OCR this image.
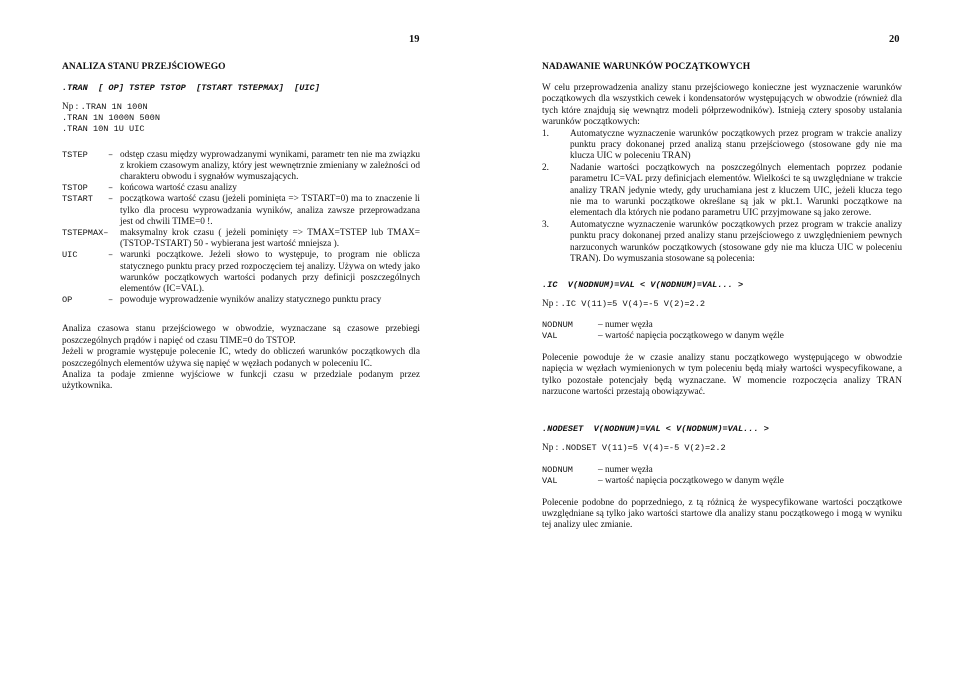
19
ANALIZA STANU PRZEJŚCIOWEGO
.TRAN  [ OP] TSTEP TSTOP  [TSTART TSTEPMAX]  [UIC]
Np : .TRAN 1N 100N
.TRAN 1N 1000N 500N
.TRAN 10N 1U UIC
TSTEP	– odstęp czasu między wyprowadzanymi wynikami, parametr ten nie ma związku z krokiem czasowym analizy, który jest wewnętrznie zmieniany w zależności od charakteru obwodu i sygnałów wymuszających.
TSTOP	– końcowa wartość czasu analizy
TSTART	– początkowa wartość czasu (jeżeli pominięta => TSTART=0) ma to znaczenie li tylko dla procesu wyprowadzania wyników, analiza zawsze przeprowadzana jest od chwili TIME=0 !.
TSTEPMAX–	maksymalny krok czasu ( jeżeli pominięty => TMAX=TSTEP lub TMAX=(TSTOP-TSTART) 50 - wybierana jest wartość mniejsza ).
UIC	– warunki początkowe. Jeżeli słowo to występuje, to program nie oblicza statycznego punktu pracy przed rozpoczęciem tej analizy. Używa on wtedy jako warunków początkowych wartości podanych przy definicji poszczególnych elementów (IC=VAL).
OP	– powoduje wyprowadzenie wyników analizy statycznego punktu pracy

Analiza czasowa stanu przejściowego w obwodzie, wyznaczane są czasowe przebiegi poszczególnych prądów i napięć od czasu TIME=0 do TSTOP.

Jeżeli w programie występuje polecenie IC, wtedy do obliczeń warunków początkowych dla poszczególnych elementów używa się napięć w węzłach podanych w poleceniu IC.

Analiza ta podaje zmienne wyjściowe w funkcji czasu w przedziale podanym przez użytkownika.

20
NADAWANIE WARUNKÓW POCZĄTKOWYCH

W celu przeprowadzenia analizy stanu przejściowego konieczne jest wyznaczenie warunków początkowych dla wszystkich cewek i kondensatorów występujących w obwodzie (również dla tych które znajdują się wewnątrz modeli półprzewodników). Istnieją cztery sposoby ustalania warunków początkowych:

1.	Automatyczne wyznaczenie warunków początkowych przez program w trakcie analizy punktu pracy dokonanej przed analizą stanu przejściowego (stosowane gdy nie ma klucza UIC w poleceniu TRAN)
2.	Nadanie wartości początkowych na poszczególnych elementach poprzez podanie parametru IC=VAL przy definicjach elementów. Wielkości te są uwzględniane w trakcie analizy TRAN jedynie wtedy, gdy uruchamiana jest z kluczem UIC, jeżeli klucza tego nie ma to warunki początkowe określane są jak w pkt.1. Warunki początkowe na elementach dla których nie podano parametru UIC przyjmowane są jako zerowe.
3.	Automatyczne wyznaczenie warunków początkowych przez program w trakcie analizy punktu pracy dokonanej przed analizy stanu przejściowego z uwzględnieniem pewnych narzuconych warunków początkowych (stosowane gdy nie ma klucza UIC w poleceniu TRAN). Do wymuszania stosowane są polecenia:
.IC  V(NODNUM)=VAL < V(NODNUM)=VAL... >
Np : .IC V(11)=5 V(4)=-5 V(2)=2.2
NODNUM	– numer węzła
VAL	– wartość napięcia początkowego w danym węźle

Polecenie powoduje że w czasie analizy stanu początkowego występującego w obwodzie napięcia w węzłach wymienionych w tym poleceniu będą miały wartości wyspecyfikowane, a tylko pozostałe potencjały będą wyznaczane. W momencie rozpoczęcia analizy TRAN narzucone wartości przestają obowiązywać.

.NODESET  V(NODNUM)=VAL < V(NODNUM)=VAL... >
Np : .NODSET V(11)=5 V(4)=-5 V(2)=2.2
NODNUM	– numer węzła
VAL	– wartość napięcia początkowego w danym węźle

Polecenie podobne do poprzedniego, z tą różnicą że wyspecyfikowane wartości początkowe uwzględniane są tylko jako wartości startowe dla analizy stanu początkowego i mogą w wyniku tej analizy ulec zmianie.
